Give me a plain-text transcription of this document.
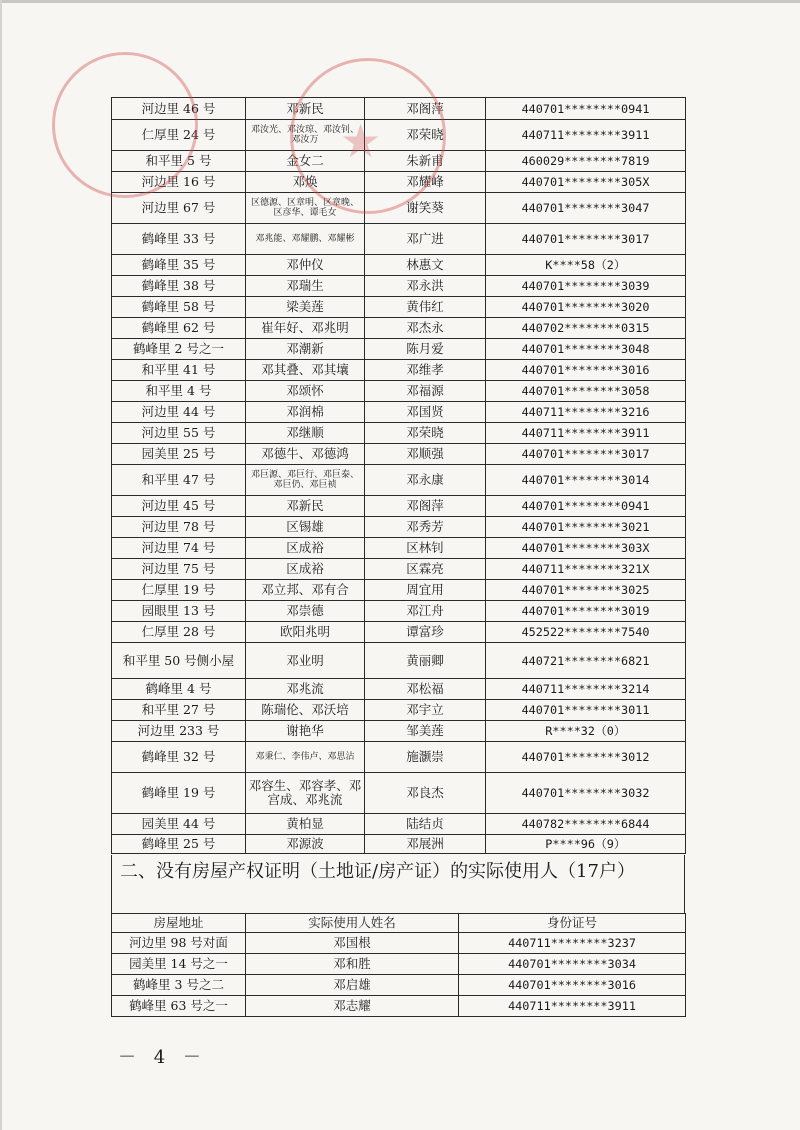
河边里 46 号	邓新民	邓阁萍	440701********0941
仁厚里 24 号	邓汝光、邓汝琼、邓汝钊、邓汝万	邓荣晓	440711********3911
和平里 5 号	金女二	朱新甫	460029********7819
河边里 16 号	邓焕	邓耀峰	440701********305X
河边里 67 号	区德源、区章明、区章晚、区彦华、谭毛女	谢笑葵	440701********3047
鹤峰里 33 号	邓兆能、邓耀鹏、邓耀彬	邓广进	440701********3017
鹤峰里 35 号	邓仲仪	林惠文	K****58（2）
鹤峰里 38 号	邓瑞生	邓永洪	440701********3039
鹤峰里 58 号	梁美莲	黄伟红	440701********3020
鹤峰里 62 号	崔年好、邓兆明	邓杰永	440702********0315
鹤峰里 2 号之一	邓潮新	陈月爱	440701********3048
和平里 41 号	邓其叠、邓其壤	邓维孝	440701********3016
和平里 4 号	邓颂怀	邓福源	440701********3058
河边里 44 号	邓润棉	邓国贤	440711********3216
河边里 55 号	邓继顺	邓荣晓	440711********3911
园美里 25 号	邓德牛、邓德鸿	邓顺强	440701********3017
和平里 47 号	邓巨源、邓巨行、邓巨泰、邓巨仍、邓巨祯	邓永康	440701********3014
河边里 45 号	邓新民	邓阁萍	440701********0941
河边里 78 号	区锡雄	邓秀芳	440701********3021
河边里 74 号	区成裕	区林钊	440701********303X
河边里 75 号	区成裕	区霖亮	440711********321X
仁厚里 19 号	邓立邦、邓有合	周宜用	440701********3025
园眼里 13 号	邓崇德	邓江舟	440701********3019
仁厚里 28 号	欧阳兆明	谭富珍	452522********7540
和平里 50 号侧小屋	邓业明	黄丽卿	440721********6821
鹤峰里 4 号	邓兆流	邓松福	440711********3214
和平里 27 号	陈瑞伦、邓沃培	邓宇立	440701********3011
河边里 233 号	谢艳华	邹美莲	R****32（0）
鹤峰里 32 号	邓秉仁、李伟卢、邓思沾	施灏崇	440701********3012
鹤峰里 19 号	邓容生、邓容孝、邓宫成、邓兆流	邓良杰	440701********3032
园美里 44 号	黄柏显	陆结贞	440782********6844
鹤峰里 25 号	邓源波	邓展洲	P****96（9）
二、没有房屋产权证明（土地证/房产证）的实际使用人（17户）
房屋地址	实际使用人姓名	身份证号
河边里 98 号对面	邓国根	440711********3237
园美里 14 号之一	邓和胜	440701********3034
鹤峰里 3 号之二	邓启雄	440701********3016
鹤峰里 63 号之一	邓志耀	440711********3911
★
－ 4 －
